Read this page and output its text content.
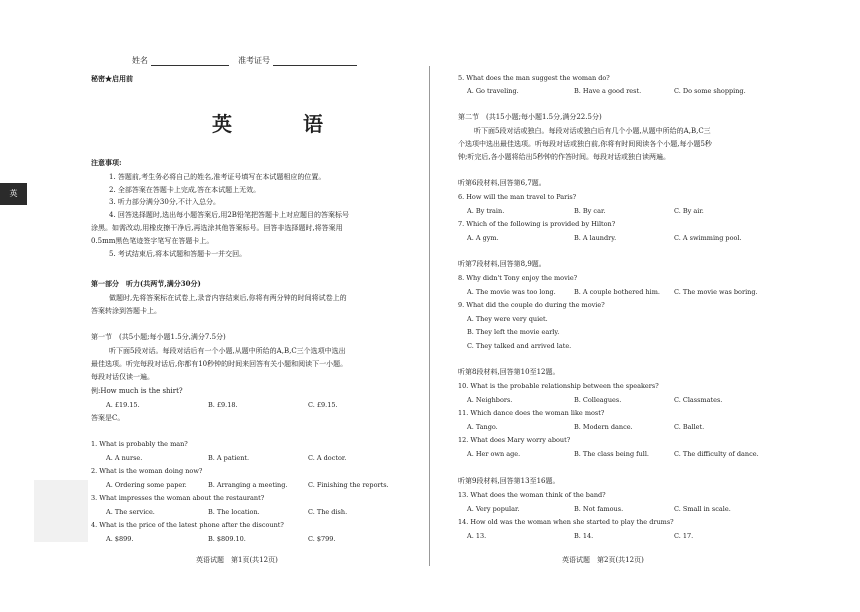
姓名	准考证号
英
秘密★启用前
英 语
注意事项:
1. 答题前,考生务必将自己的姓名,准考证号填写在本试题相应的位置。
2. 全部答案在答题卡上完成,答在本试题上无效。
3. 听力部分满分30分,不计入总分。
4. 回答选择题时,选出每小题答案后,用2B铅笔把答题卡上对应题目的答案标号
涂黑。如需改动,用橡皮擦干净后,再选涂其他答案标号。回答非选择题时,将答案用
0.5mm黑色笔迹签字笔写在答题卡上。
5. 考试结束后,将本试题和答题卡一并交回。
第一部分　听力(共两节,满分30分)
做题时,先将答案标在试卷上,录音内容结束后,你将有两分钟的时间将试卷上的
答案转涂到答题卡上。
第一节　(共5小题;每小题1.5分,满分7.5分)
听下面5段对话。每段对话后有一个小题,从题中所给的A,B,C三个选项中选出
最佳选项。听完每段对话后,你都有10秒钟的时间来回答有关小题和阅读下一小题。
每段对话仅读一遍。
例:How much is the shirt?
A. £19.15.	B. £9.18.	C. £9.15.
答案是C。
1. What is probably the man?
A. A nurse.	B. A patient.	C. A doctor.
2. What is the woman doing now?
A. Ordering some paper.	B. Arranging a meeting.	C. Finishing the reports.
3. What impresses the woman about the restaurant?
A. The service.	B. The location.	C. The dish.
4. What is the price of the latest phone after the discount?
A. $899.	B. $809.10.	C. $799.
英语试题　第1页(共12页)
5. What does the man suggest the woman do?
A. Go traveling.	B. Have a good rest.	C. Do some shopping.
第二节　(共15小题;每小题1.5分,满分22.5分)
听下面5段对话或独白。每段对话或独白后有几个小题,从题中所给的A,B,C三
个选项中选出最佳选项。听每段对话或独白前,你将有时间阅读各个小题,每小题5秒
钟;听完后,各小题将给出5秒钟的作答时间。每段对话或独白读两遍。
听第6段材料,回答第6,7题。
6. How will the man travel to Paris?
A. By train.	B. By car.	C. By air.
7. Which of the following is provided by Hilton?
A. A gym.	B. A laundry.	C. A swimming pool.
听第7段材料,回答第8,9题。
8. Why didn't Tony enjoy the movie?
A. The movie was too long.	B. A couple bothered him. C. The movie was boring.
9. What did the couple do during the movie?
A. They were very quiet.
B. They left the movie early.
C. They talked and arrived late.
听第8段材料,回答第10至12题。
10. What is the probable relationship between the speakers?
A. Neighbors.	B. Colleagues.	C. Classmates.
11. Which dance does the woman like most?
A. Tango.	B. Modern dance.	C. Ballet.
12. What does Mary worry about?
A. Her own age.	B. The class being full.	C. The difficulty of dance.
听第9段材料,回答第13至16题。
13. What does the woman think of the band?
A. Very popular.	B. Not famous.	C. Small in scale.
14. How old was the woman when she started to play the drums?
A. 13.	B. 14.	C. 17.
英语试题　第2页(共12页)
